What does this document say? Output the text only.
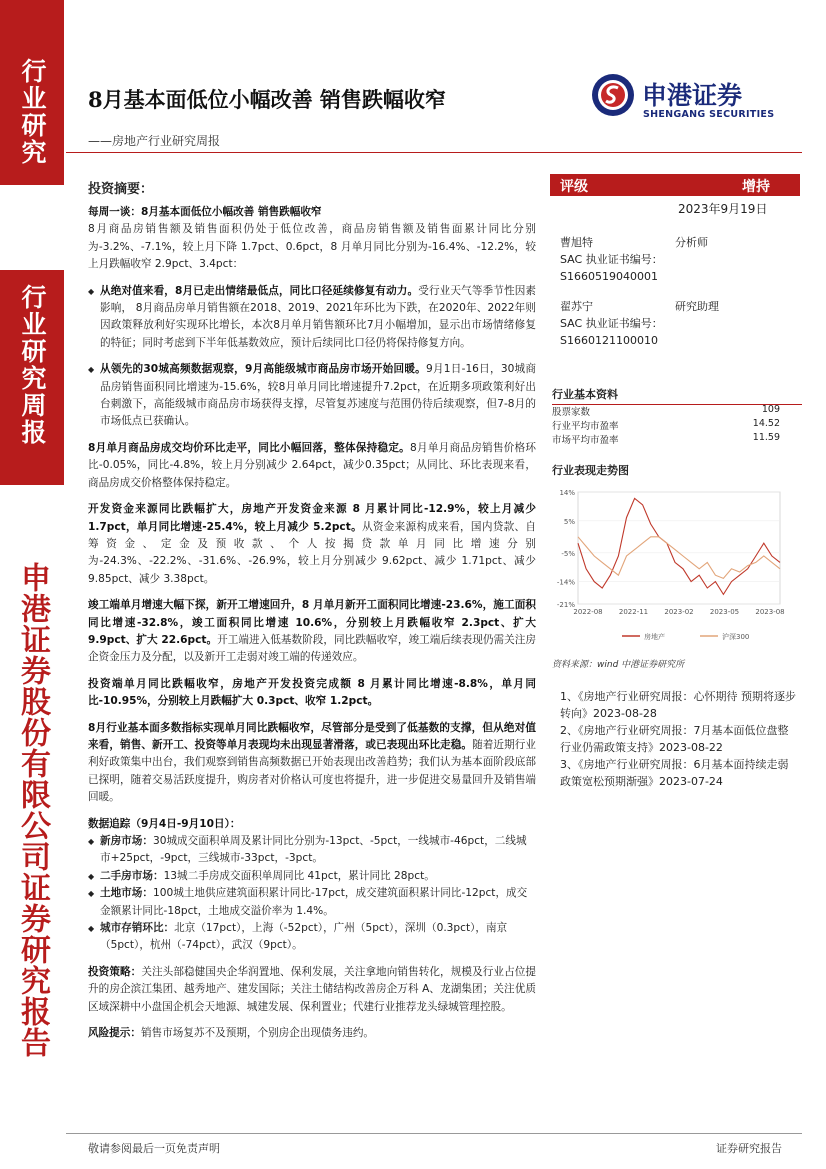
行业研究
行业研究周报
申港证券股份有限公司证券研究报告
8月基本面低位小幅改善 销售跌幅收窄
——房地产行业研究周报
申港证券
SHENGANG SECURITIES
投资摘要：

每周一谈：8月基本面低位小幅改善 销售跌幅收窄
8月商品房销售额及销售面积仍处于低位改善，商品房销售额及销售面累计同比分别为-3.2%、-7.1%，较上月下降 1.7pct、0.6pct，8 月单月同比分别为-16.4%、-12.2%，较上月跌幅收窄 2.9pct、3.4pct：

◆ 从绝对值来看，8月已走出情绪最低点，同比口径延续修复有动力。受行业天气等季节性因素影响， 8月商品房单月销售额在2018、2019、2021年环比为下跌，在2020年、2022年则因政策释放利好实现环比增长，本次8月单月销售额环比7月小幅增加，显示出市场情绪修复的特征；同时考虑到下半年低基数效应，预计后续同比口径仍将保持修复方向。

◆ 从领先的30城高频数据观察，9月高能级城市商品房市场开始回暖。9月1日-16日，30城商品房销售面积同比增速为-15.6%，较8月单月同比增速提升7.2pct，在近期多项政策利好出台刺激下，高能级城市商品房市场获得支撑，尽管复苏速度与范围仍待后续观察，但7-8月的市场低点已获确认。

8月单月商品房成交均价环比走平，同比小幅回落，整体保持稳定。8月单月商品房销售价格环比-0.05%，同比-4.8%，较上月分别减少 2.64pct，减少0.35pct；从同比、环比表现来看，商品房成交价格整体保持稳定。

开发资金来源同比跌幅扩大，房地产开发资金来源 8 月累计同比-12.9%，较上月减少 1.7pct，单月同比增速-25.4%，较上月减少 5.2pct。从资金来源构成来看，国内贷款、自筹资金、定金及预收款、个人按揭贷款单月同比增速分别为-24.3%、-22.2%、-31.6%、-26.9%，较上月分别减少 9.62pct、减少 1.71pct、减少 9.85pct、减少 3.38pct。

竣工端单月增速大幅下探，新开工增速回升，8 月单月新开工面积同比增速-23.6%，施工面积同比增速-32.8%，竣工面积同比增速 10.6%，分别较上月跌幅收窄 2.3pct、扩大 9.9pct、扩大 22.6pct。开工端进入低基数阶段，同比跌幅收窄，竣工端后续表现仍需关注房企资金压力及分配，以及新开工走弱对竣工端的传递效应。

投资端单月同比跌幅收窄，房地产开发投资完成额 8 月累计同比增速-8.8%，单月同比-10.95%，分别较上月跌幅扩大 0.3pct、收窄 1.2pct。

8月行业基本面多数指标实现单月同比跌幅收窄，尽管部分是受到了低基数的支撑，但从绝对值来看，销售、新开工、投资等单月表现均未出现显著滑落，或已表现出环比走稳。随着近期行业利好政策集中出台，我们观察到销售高频数据已开始表现出改善趋势；我们认为基本面阶段底部已探明，随着交易活跃度提升，购房者对价格认可度也将提升，进一步促进交易量回升及销售端回暖。

数据追踪（9月4日-9月10日）：

◆ 新房市场：30城成交面积单周及累计同比分别为-13pct、-5pct，一线城市-46pct，二线城市+25pct，-9pct，三线城市-33pct，-3pct。
◆ 二手房市场：13城二手房成交面积单周同比 41pct，累计同比 28pct。
◆ 土地市场：100城土地供应建筑面积累计同比-17pct，成交建筑面积累计同比-12pct，成交金额累计同比-18pct，土地成交溢价率为 1.4%。
◆ 城市存销环比：北京（17pct），上海（-52pct），广州（5pct），深圳（0.3pct），南京（5pct），杭州（-74pct），武汉（9pct）。

投资策略：关注头部稳健国央企华润置地、保利发展，关注拿地向销售转化，规模及行业占位提升的房企滨江集团、越秀地产、建发国际；关注土储结构改善房企万科 A、龙湖集团；关注优质区域深耕中小盘国企机会天地源、城建发展、保利置业；代建行业推荐龙头绿城管理控股。

风险提示：销售市场复苏不及预期，个别房企出现债务违约。

评级	增持
2023年9月19日
曹旭特
SAC 执业证书编号：
S1660519040001
分析师
翟苏宁
SAC 执业证书编号：
S1660121100010
研究助理
行业基本资料
股票家数	109
行业平均市盈率	14.52
市场平均市盈率	11.59
行业表现走势图
14%
5%
-5%
-14%
-21%
2022-08 2022-11 2023-02 2023-05 2023-08
房地产	沪深300
资料来源：wind 中港证券研究所
1、《房地产行业研究周报：心怀期待 预期将逐步转向》2023-08-28
2、《房地产行业研究周报：7月基本面低位盘整 行业仍需政策支持》2023-08-22
3、《房地产行业研究周报：6月基本面持续走弱 政策宽松预期渐强》2023-07-24
敬请参阅最后一页免责声明	证券研究报告
